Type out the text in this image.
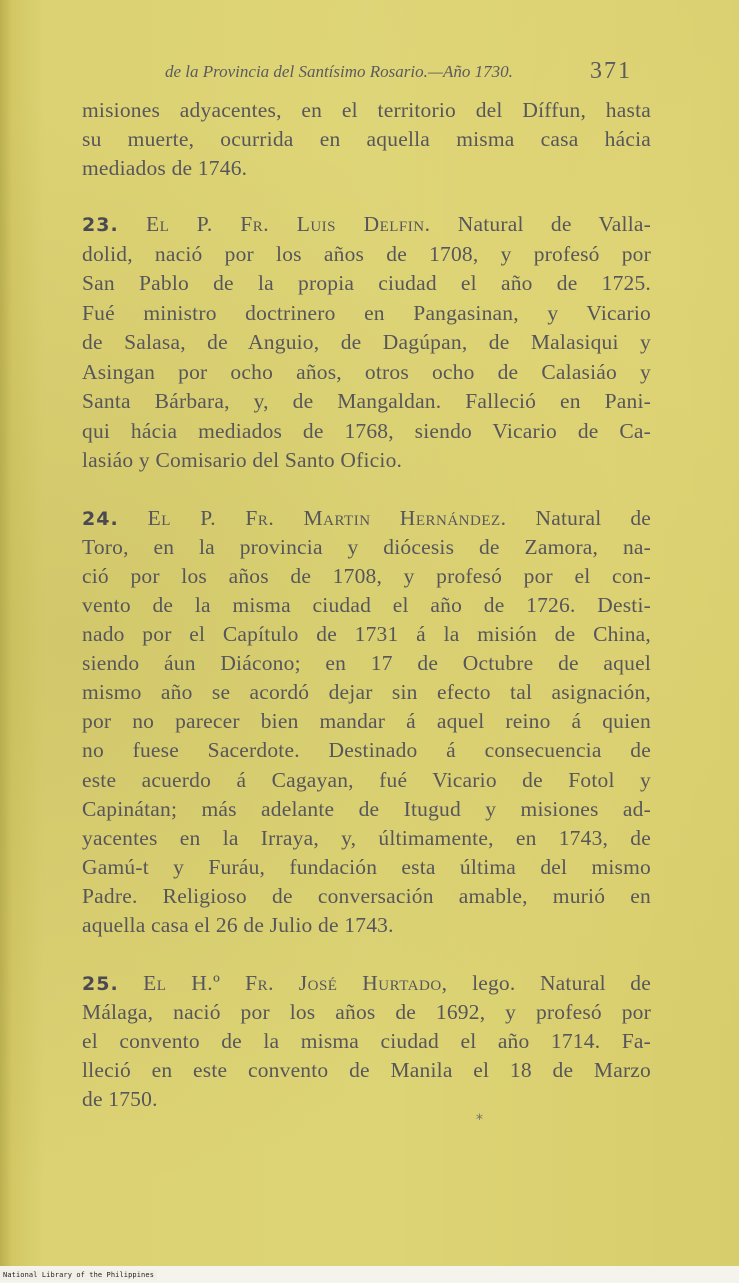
de la Provincia del Santísimo Rosario.—Año 1730.	371
misiones adyacentes, en el territorio del Díffun, hasta
su muerte, ocurrida en aquella misma casa hácia
mediados de 1746.
23. El P. Fr. Luis Delfin. Natural de Valla-
dolid, nació por los años de 1708, y profesó por
San Pablo de la propia ciudad el año de 1725.
Fué ministro doctrinero en Pangasinan, y Vicario
de Salasa, de Anguio, de Dagúpan, de Malasiqui y
Asingan por ocho años, otros ocho de Calasiáo y
Santa Bárbara, y, de Mangaldan. Falleció en Pani-
qui hácia mediados de 1768, siendo Vicario de Ca-
lasiáo y Comisario del Santo Oficio.
24. El P. Fr. Martin Hernández. Natural de
Toro, en la provincia y diócesis de Zamora, na-
ció por los años de 1708, y profesó por el con-
vento de la misma ciudad el año de 1726. Desti-
nado por el Capítulo de 1731 á la misión de China,
siendo áun Diácono; en 17 de Octubre de aquel
mismo año se acordó dejar sin efecto tal asignación,
por no parecer bien mandar á aquel reino á quien
no fuese Sacerdote. Destinado á consecuencia de
este acuerdo á Cagayan, fué Vicario de Fotol y
Capinátan; más adelante de Itugud y misiones ad-
yacentes en la Irraya, y, últimamente, en 1743, de
Gamú-t y Furáu, fundación esta última del mismo
Padre. Religioso de conversación amable, murió en
aquella casa el 26 de Julio de 1743.
25. El H.º Fr. José Hurtado, lego. Natural de
Málaga, nació por los años de 1692, y profesó por
el convento de la misma ciudad el año 1714. Fa-
lleció en este convento de Manila el 18 de Marzo
de 1750.
*
National Library of the Philippines
